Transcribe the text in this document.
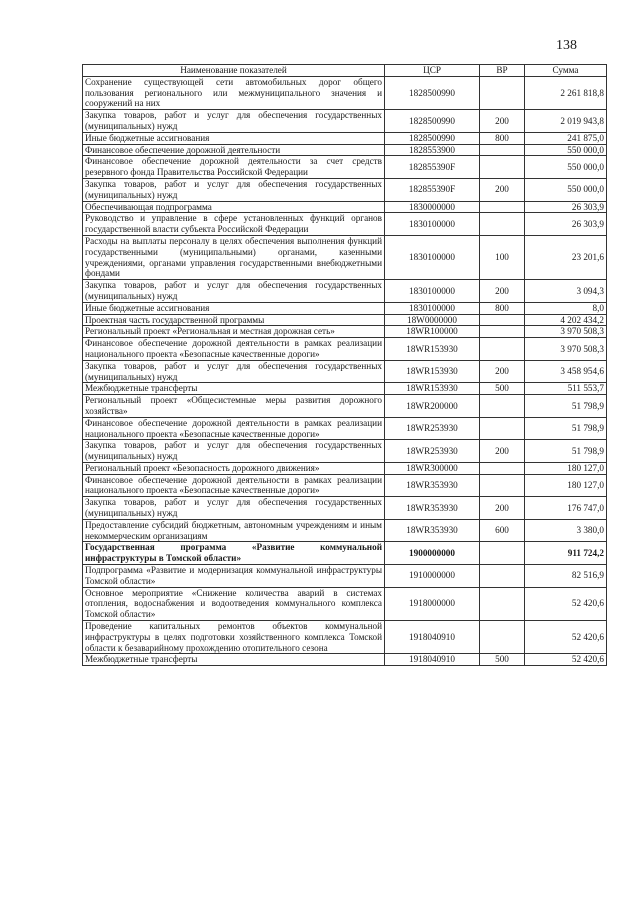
138
Наименование показателей	ЦСР	ВР	Сумма
Сохранение существующей сети автомобильных дорог общего пользования регионального или межмуниципального значения и сооружений на них	1828500990		2 261 818,8
Закупка товаров, работ и услуг для обеспечения государственных (муниципальных) нужд	1828500990	200	2 019 943,8
Иные бюджетные ассигнования	1828500990	800	241 875,0
Финансовое обеспечение дорожной деятельности	1828553900		550 000,0
Финансовое обеспечение дорожной деятельности за счет средств резервного фонда Правительства Российской Федерации	182855390F		550 000,0
Закупка товаров, работ и услуг для обеспечения государственных (муниципальных) нужд	182855390F	200	550 000,0
Обеспечивающая подпрограмма	1830000000		26 303,9
Руководство и управление в сфере установленных функций органов государственной власти субъекта Российской Федерации	1830100000		26 303,9
Расходы на выплаты персоналу в целях обеспечения выполнения функций государственными (муниципальными) органами, казенными учреждениями, органами управления государственными внебюджетными фондами	1830100000	100	23 201,6
Закупка товаров, работ и услуг для обеспечения государственных (муниципальных) нужд	1830100000	200	3 094,3
Иные бюджетные ассигнования	1830100000	800	8,0
Проектная часть государственной программы	18W0000000		4 202 434,2
Региональный проект «Региональная и местная дорожная сеть»	18WR100000		3 970 508,3
Финансовое обеспечение дорожной деятельности в рамках реализации национального проекта «Безопасные качественные дороги»	18WR153930		3 970 508,3
Закупка товаров, работ и услуг для обеспечения государственных (муниципальных) нужд	18WR153930	200	3 458 954,6
Межбюджетные трансферты	18WR153930	500	511 553,7
Региональный проект «Общесистемные меры развития дорожного хозяйства»	18WR200000		51 798,9
Финансовое обеспечение дорожной деятельности в рамках реализации национального проекта «Безопасные качественные дороги»	18WR253930		51 798,9
Закупка товаров, работ и услуг для обеспечения государственных (муниципальных) нужд	18WR253930	200	51 798,9
Региональный проект «Безопасность дорожного движения»	18WR300000		180 127,0
Финансовое обеспечение дорожной деятельности в рамках реализации национального проекта «Безопасные качественные дороги»	18WR353930		180 127,0
Закупка товаров, работ и услуг для обеспечения государственных (муниципальных) нужд	18WR353930	200	176 747,0
Предоставление субсидий бюджетным, автономным учреждениям и иным некоммерческим организациям	18WR353930	600	3 380,0
Государственная программа «Развитие коммунальной инфраструктуры в Томской области»	1900000000		911 724,2
Подпрограмма «Развитие и модернизация коммунальной инфраструктуры Томской области»	1910000000		82 516,9
Основное мероприятие «Снижение количества аварий в системах отопления, водоснабжения и водоотведения коммунального комплекса Томской области»	1918000000		52 420,6
Проведение капитальных ремонтов объектов коммунальной инфраструктуры в целях подготовки хозяйственного комплекса Томской области к безаварийному прохождению отопительного сезона	1918040910		52 420,6
Межбюджетные трансферты	1918040910	500	52 420,6
